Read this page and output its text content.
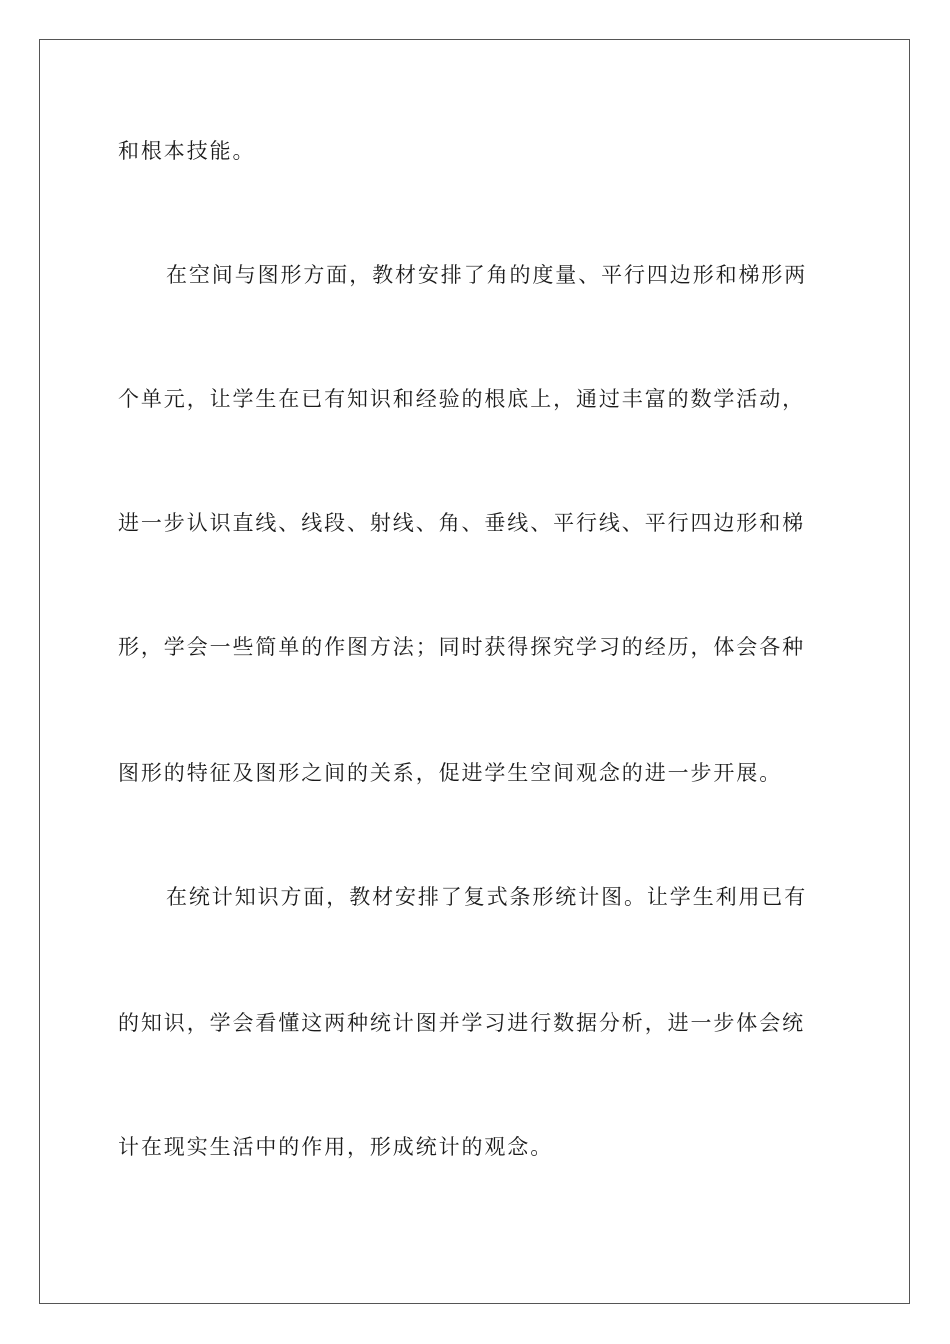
和根本技能。
在空间与图形方面，教材安排了角的度量、平行四边形和梯形两
个单元，让学生在已有知识和经验的根底上，通过丰富的数学活动，
进一步认识直线、线段、射线、角、垂线、平行线、平行四边形和梯
形，学会一些简单的作图方法；同时获得探究学习的经历，体会各种
图形的特征及图形之间的关系，促进学生空间观念的进一步开展。
在统计知识方面，教材安排了复式条形统计图。让学生利用已有
的知识，学会看懂这两种统计图并学习进行数据分析，进一步体会统
计在现实生活中的作用，形成统计的观念。
